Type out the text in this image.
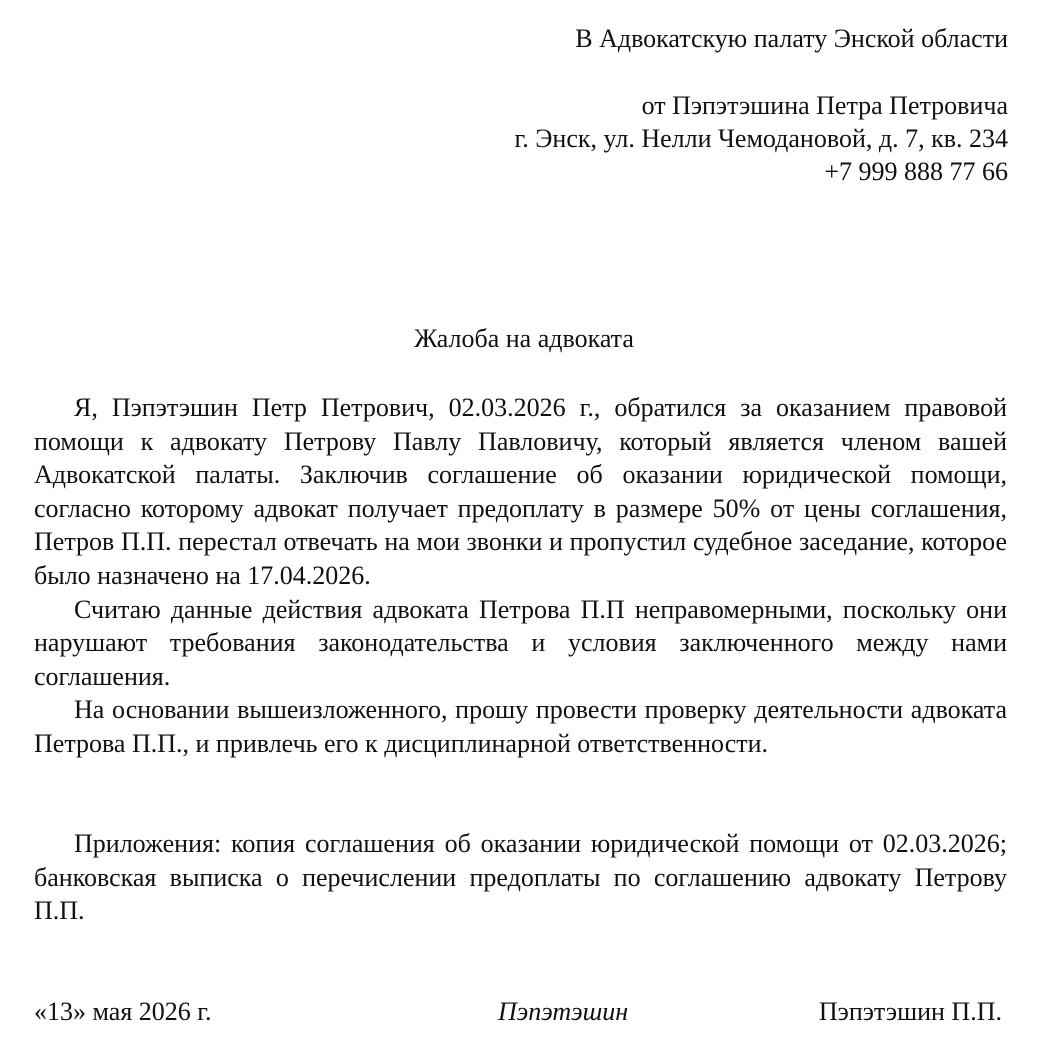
В Адвокатскую палату Энской области
от Пэпэтэшина Петра Петровича
г. Энск, ул. Нелли Чемодановой, д. 7, кв. 234
+7 999 888 77 66
Жалоба на адвоката

Я, Пэпэтэшин Петр Петрович, 02.03.2026 г., обратился за оказанием правовой помощи к адвокату Петрову Павлу Павловичу, который является членом вашей Адвокатской палаты. Заключив соглашение об оказании юридической помощи, согласно которому адвокат получает предоплату в размере 50% от цены соглашения, Петров П.П. перестал отвечать на мои звонки и пропустил судебное заседание, которое было назначено на 17.04.2026.

Считаю данные действия адвоката Петрова П.П неправомерными, поскольку они нарушают требования законодательства и условия заключенного между нами соглашения.

На основании вышеизложенного, прошу провести проверку деятельности адвоката Петрова П.П., и привлечь его к дисциплинарной ответственности.

Приложения: копия соглашения об оказании юридической помощи от 02.03.2026; банковская выписка о перечислении предоплаты по соглашению адвокату Петрову П.П.

«13» мая 2026 г.	Пэпэтэшин	Пэпэтэшин П.П.
